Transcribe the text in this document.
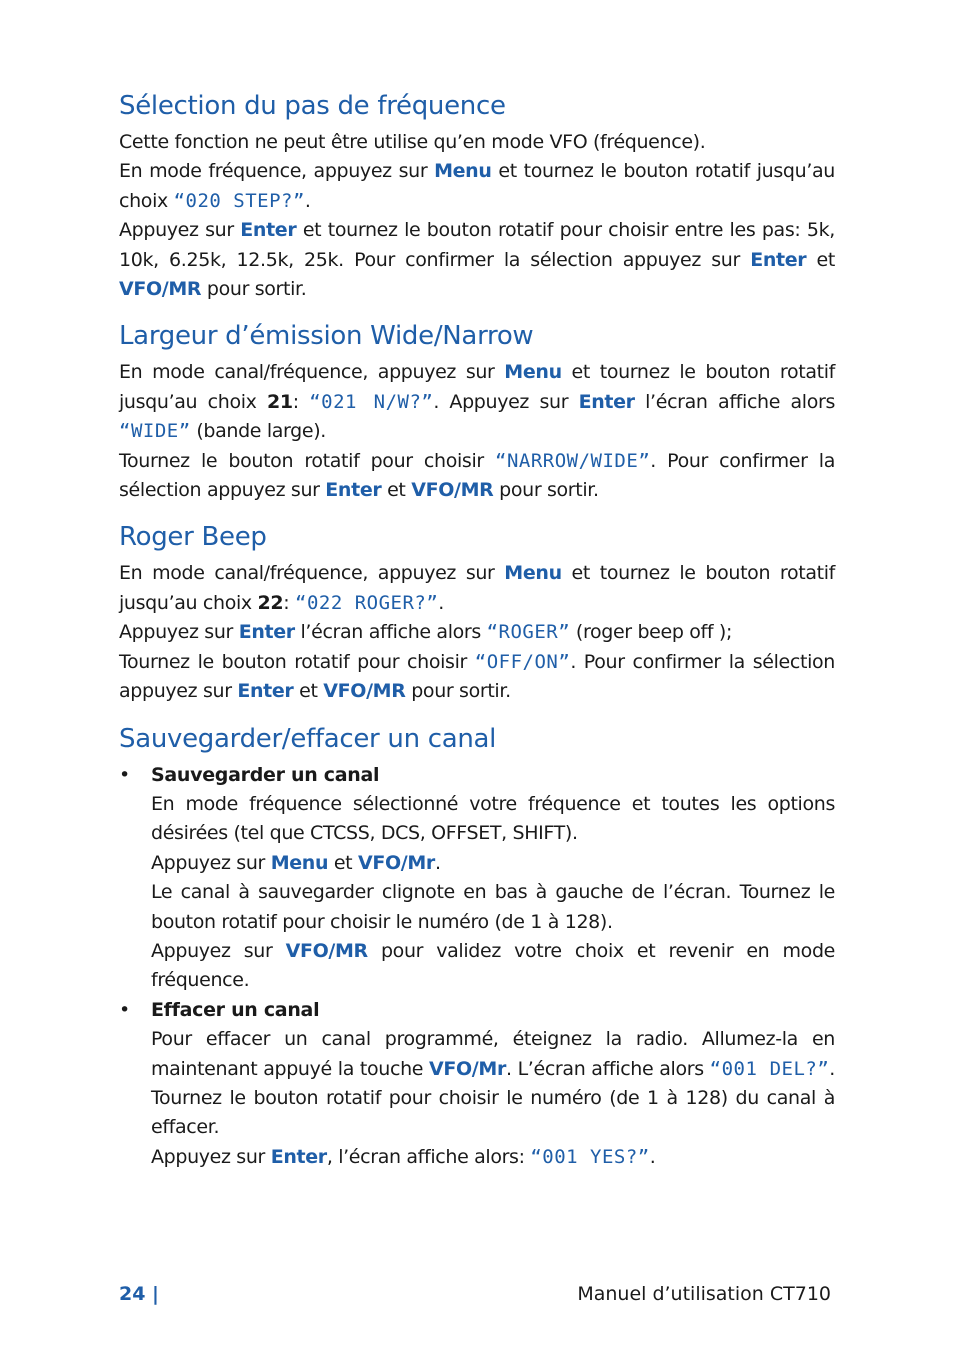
Sélection du pas de fréquence

Cette fonction ne peut être utilise qu’en mode VFO (fréquence).

En mode fréquence, appuyez sur Menu et tournez le bouton rotatif jusqu’au choix “020 STEP?”.

Appuyez sur Enter et tournez le bouton rotatif pour choisir entre les pas: 5k, 10k, 6.25k, 12.5k, 25k. Pour confirmer la sélection appuyez sur Enter et VFO/MR pour sortir.

Largeur d’émission Wide/Narrow

En mode canal/fréquence, appuyez sur Menu et tournez le bouton rotatif jusqu’au choix 21: “021 N/W?”. Appuyez sur Enter l’écran affiche alors “WIDE” (bande large).

Tournez le bouton rotatif pour choisir “NARROW/WIDE”. Pour confirmer la sélection appuyez sur Enter et VFO/MR pour sortir.

Roger Beep

En mode canal/fréquence, appuyez sur Menu et tournez le bouton rotatif jusqu’au choix 22: “022 ROGER?”.

Appuyez sur Enter l’écran affiche alors “ROGER” (roger beep off );

Tournez le bouton rotatif pour choisir “OFF/ON”. Pour confirmer la sélection appuyez sur Enter et VFO/MR pour sortir.

Sauvegarder/effacer un canal
• Sauvegarder un canal

En mode fréquence sélectionné votre fréquence et toutes les options désirées (tel que CTCSS, DCS, OFFSET, SHIFT).

Appuyez sur Menu et VFO/Mr.

Le canal à sauvegarder clignote en bas à gauche de l’écran. Tournez le bouton rotatif pour choisir le numéro (de 1 à 128).

Appuyez sur VFO/MR pour validez votre choix et revenir en mode fréquence.

• Effacer un canal

Pour effacer un canal programmé, éteignez la radio. Allumez-la en maintenant appuyé la touche VFO/Mr. L’écran affiche alors “001 DEL?”. Tournez le bouton rotatif pour choisir le numéro (de 1 à 128) du canal à effacer.

Appuyez sur Enter, l’écran affiche alors: “001 YES?”.

24 |	Manuel d’utilisation CT710
